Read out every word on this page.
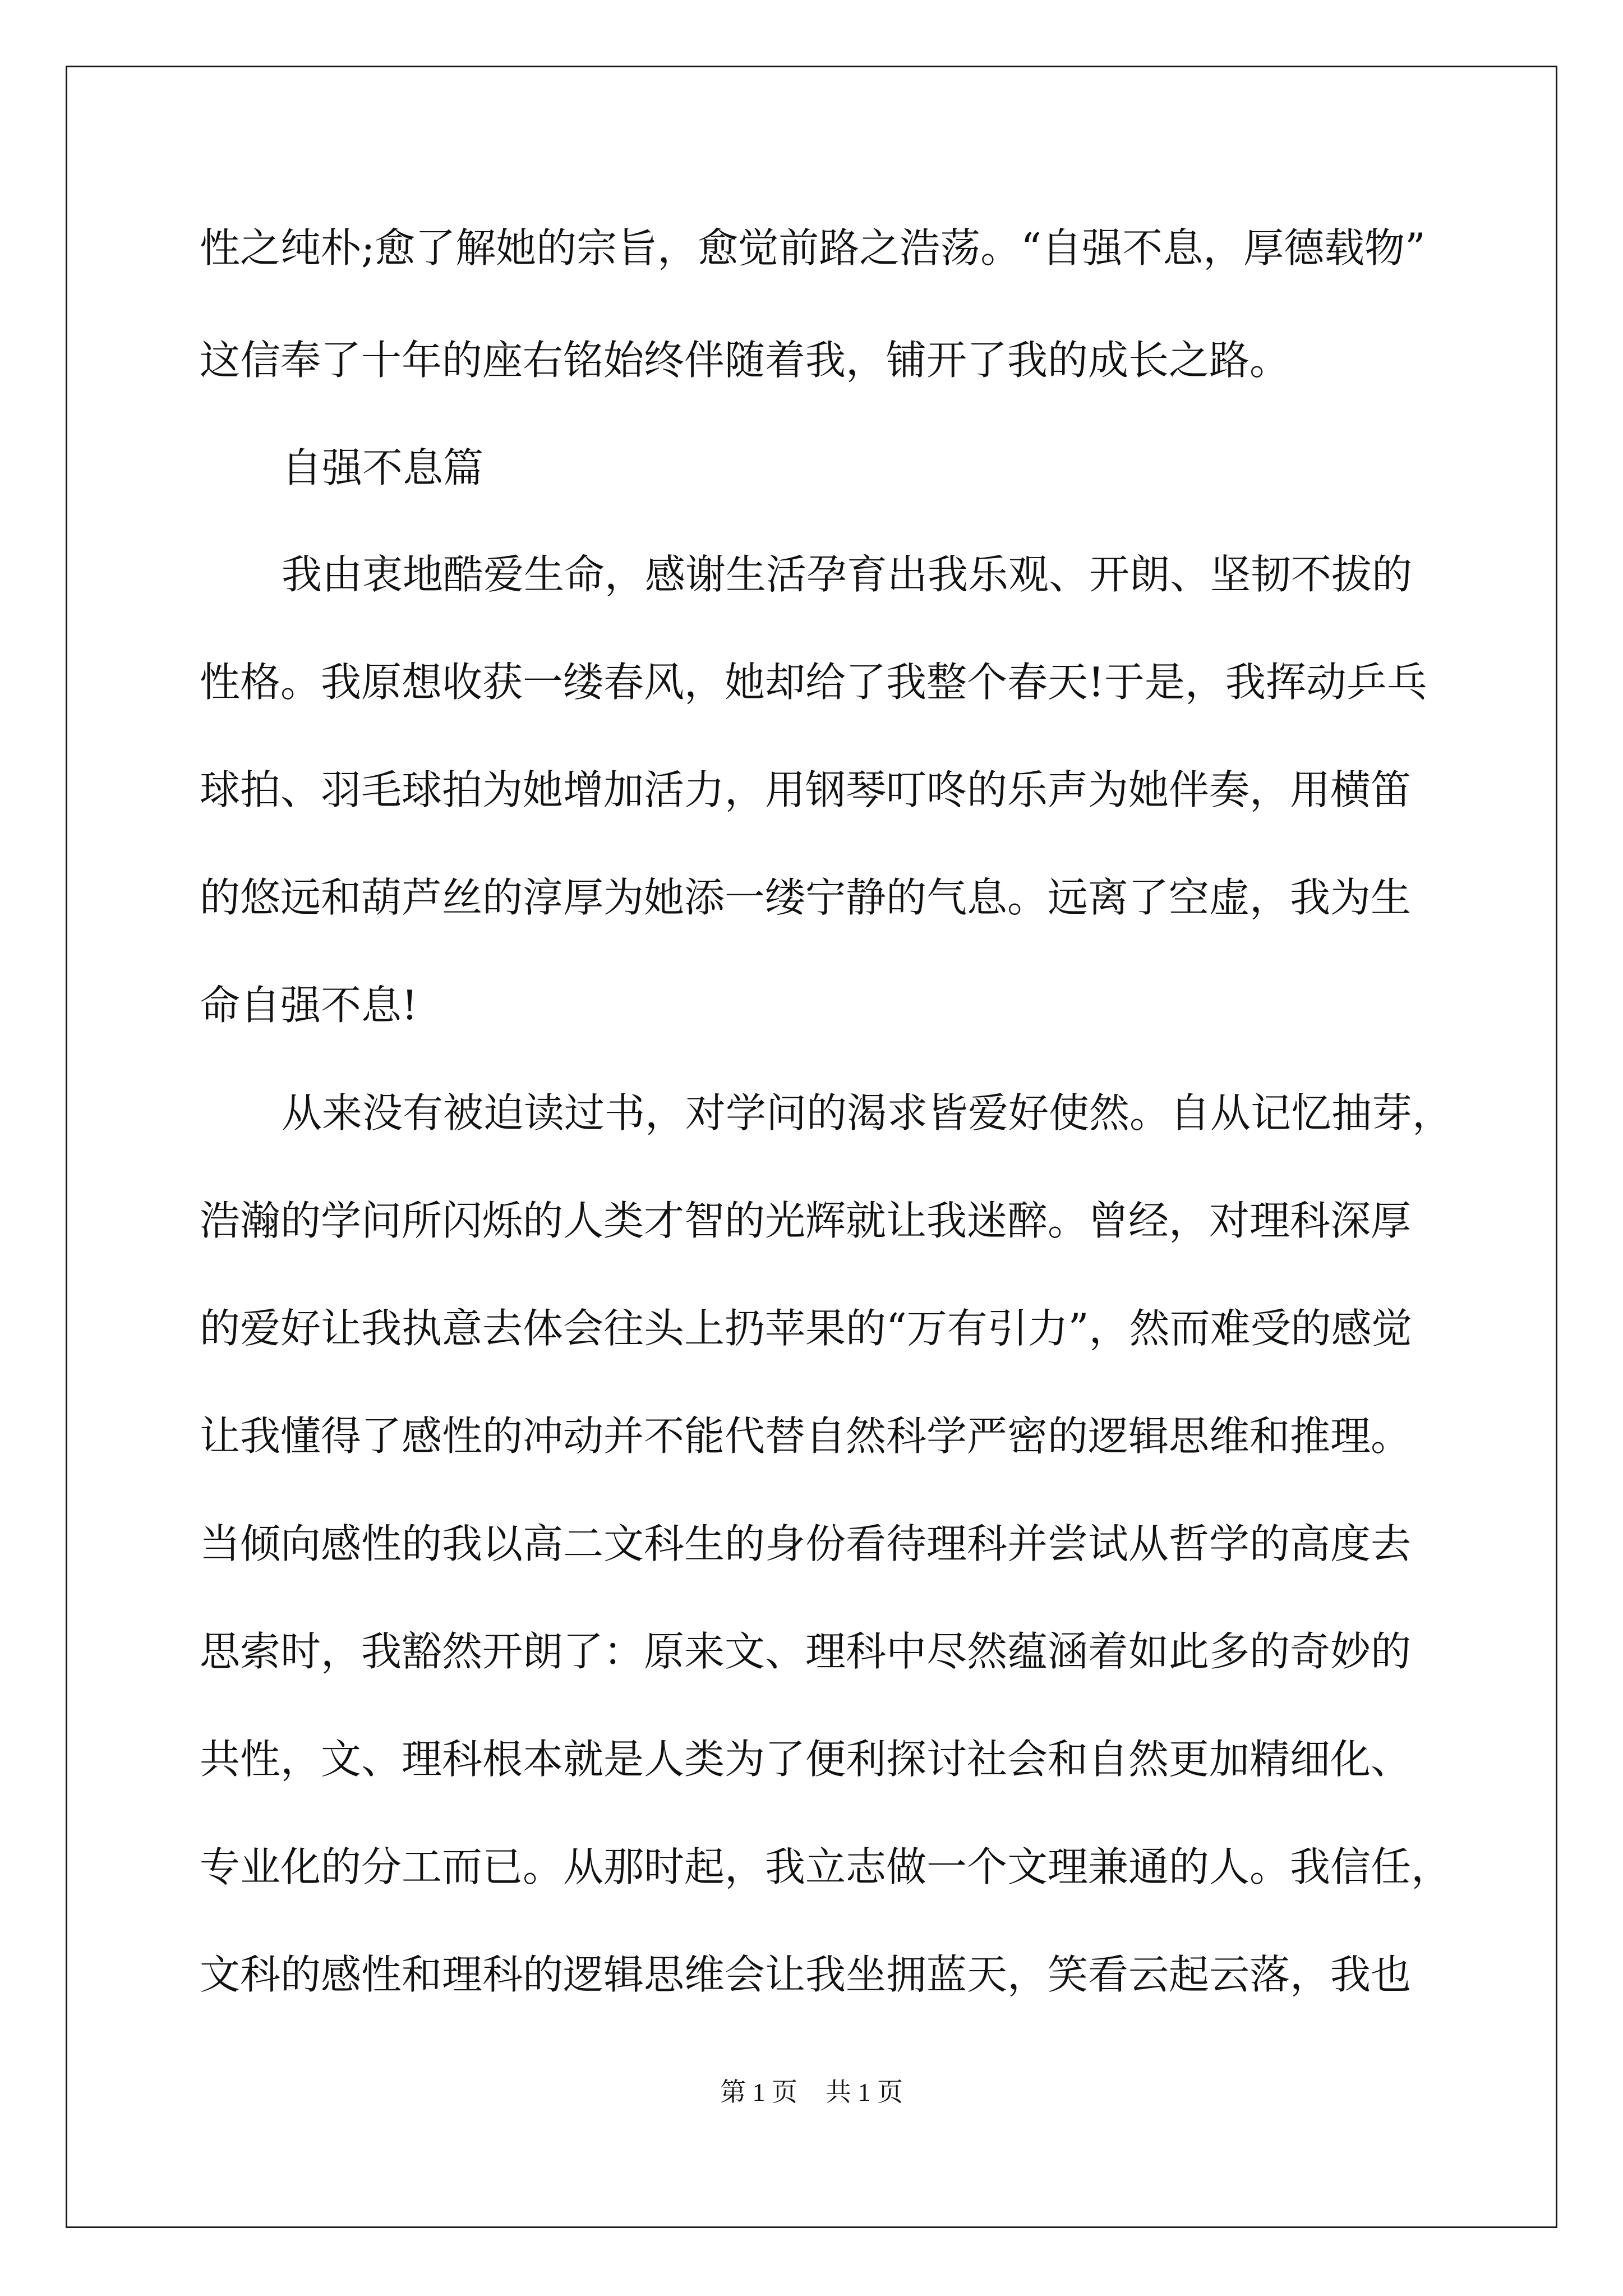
性之纯朴;愈了解她的宗旨，愈觉前路之浩荡。“自强不息，厚德载物”
这信奉了十年的座右铭始终伴随着我，铺开了我的成长之路。
自强不息篇
我由衷地酷爱生命，感谢生活孕育出我乐观、开朗、坚韧不拔的
性格。我原想收获一缕春风，她却给了我整个春天!于是，我挥动乒乓
球拍、羽毛球拍为她增加活力，用钢琴叮咚的乐声为她伴奏，用横笛
的悠远和葫芦丝的淳厚为她添一缕宁静的气息。远离了空虚，我为生
命自强不息!
从来没有被迫读过书，对学问的渴求皆爱好使然。自从记忆抽芽，
浩瀚的学问所闪烁的人类才智的光辉就让我迷醉。曾经，对理科深厚
的爱好让我执意去体会往头上扔苹果的“万有引力”，然而难受的感觉
让我懂得了感性的冲动并不能代替自然科学严密的逻辑思维和推理。
当倾向感性的我以高二文科生的身份看待理科并尝试从哲学的高度去
思索时，我豁然开朗了：原来文、理科中尽然蕴涵着如此多的奇妙的
共性，文、理科根本就是人类为了便利探讨社会和自然更加精细化、
专业化的分工而已。从那时起，我立志做一个文理兼通的人。我信任，
文科的感性和理科的逻辑思维会让我坐拥蓝天，笑看云起云落，我也
第 1 页 共 1 页
